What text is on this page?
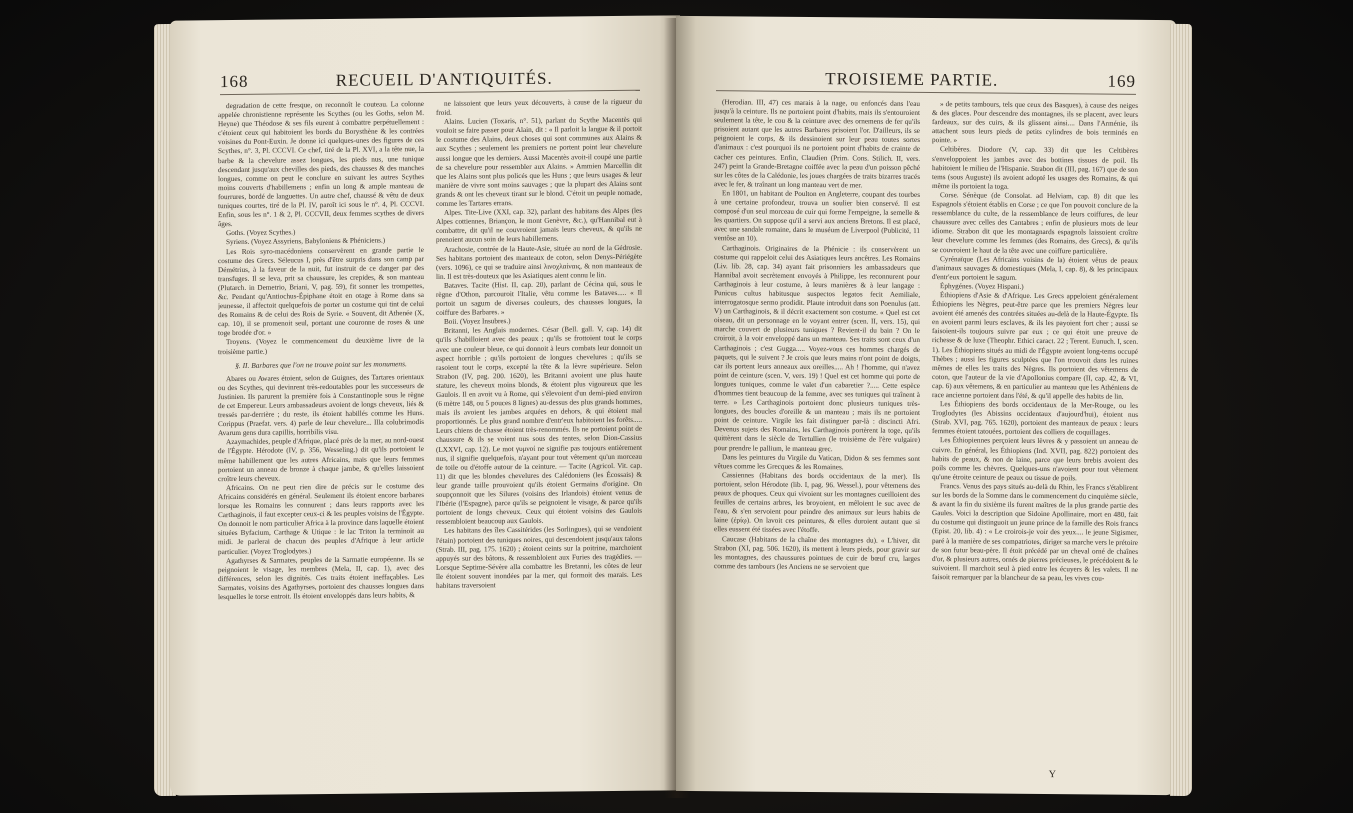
168	RECUEIL D'ANTIQUITÉS.

degradation de cette fresque, on reconnoît le couteau. La colonne appelée chronistienne représente les Scythes (ou les Goths, selon M. Heyne) que Théodose & ses fils eurent à combattre perpétuellement : c'étoient ceux qui habitoient les bords du Borysthène & les contrées voisines du Pont-Euxin. Je donne ici quelques-unes des figures de ces Scythes, n°. 3, Pl. CCCVI. Ce chef, tiré de la Pl. XVI, a la tête nue, la barbe & la chevelure assez longues, les pieds nus, une tunique descendant jusqu'aux chevilles des pieds, des chausses & des manches longues, comme on peut le conclure en suivant les autres Scythes moins couverts d'habillemens ; enfin un long & ample manteau de fourrures, bordé de languettes. Un autre chef, chaussé & vêtu de deux tuniques courtes, tiré de la Pl. IV, paroît ici sous le n°. 4, Pl. CCCVI. Enfin, sous les n°. 1 & 2, Pl. CCCVII, deux femmes scythes de divers âges.

Goths. (Voyez Scythes.)

Syriens. (Voyez Assyriens, Babyloniens & Phéniciens.)

Les Rois syro-macédoniens conservèrent en grande partie le costume des Grecs. Séleucus I, près d'être surpris dans son camp par Démétrius, à la faveur de la nuit, fut instruit de ce danger par des transfuges. Il se leva, prit sa chaussure, les crepides, & son manteau (Plutarch. in Demetrio, Briani, V, pag. 59), fit sonner les trompettes, &c. Pendant qu'Antiochus-Épiphane étoit en otage à Rome dans sa jeunesse, il affectoit quelquefois de porter un costume qui tint de celui des Romains & de celui des Rois de Syrie. « Souvent, dit Athenée (X, cap. 10), il se promenoit seul, portant une couronne de roses & une toge brodée d'or. »

Troyens. (Voyez le commencement du deuxième livre de la troisième partie.)

§. II. Barbares que l'on ne trouve point sur les monumens.

Abares ou Awares étoient, selon de Guignes, des Tartares orientaux ou des Scythes, qui devinrent très-redoutables pour les successeurs de Justinien. Ils parurent la première fois à Constantinople sous le règne de cet Empereur. Leurs ambassadeurs avoient de longs cheveux, liés & tressés par-derrière ; du reste, ils étoient habillés comme les Huns. Corippus (Praefat. vers. 4) parle de leur chevelure... Illa colubrimodis Avarum gens dura capillis, horribilis visu.

Azaymachides, peuple d'Afrique, placé près de la mer, au nord-ouest de l'Égypte. Hérodote (IV, p. 356, Wesseling.) dit qu'ils portoient le même habillement que les autres Africains, mais que leurs femmes portoient un anneau de bronze à chaque jambe, & qu'elles laissoient croître leurs cheveux.

Africains. On ne peut rien dire de précis sur le costume des Africains considérés en général. Seulement ils étoient encore barbares lorsque les Romains les connurent ; dans leurs rapports avec les Carthaginois, il faut excepter ceux-ci & les peuples voisins de l'Égypte. On donnoit le nom particulier Africa à la province dans laquelle étoient situées Byfacium, Carthage & Utique : le lac Triton la terminoit au midi. Je parlerai de chacun des peuples d'Afrique à leur article particulier. (Voyez Troglodytes.)

Agathyrses & Sarmates, peuples de la Sarmatie européenne. Ils se peignoient le visage, les membres (Mela, II, cap. 1), avec des différences, selon les dignités. Ces traits étoient ineffaçables. Les Sarmates, voisins des Agathyrses, portoient des chausses longues dans lesquelles le torse entroit. Ils étoient enveloppés dans leurs habits, &

ne laissoient que leurs yeux découverts, à cause de la rigueur du froid.

Alains. Lucien (Toxaris, n°. 51), parlant du Scythe Macentès qui vouloit se faire passer pour Alain, dit : « Il parloit la langue & il portoit le costume des Alains, deux choses qui sont communes aux Alains & aux Scythes ; seulement les premiers ne portent point leur chevelure aussi longue que les derniers. Aussi Macentès avoit-il coupé une partie de sa chevelure pour ressembler aux Alains. » Ammien Marcellin dit que les Alains sont plus policés que les Huns ; que leurs usages & leur manière de vivre sont moins sauvages ; que la plupart des Alains sont grands & ont les cheveux tirant sur le blond. C'étoit un peuple nomade, comme les Tartares errans.

Alpes. Tite-Live (XXI, cap. 32), parlant des habitans des Alpes (les Alpes cottiennes, Briançon, le mont Genèvre, &c.), qu'Hannibal eut à combattre, dit qu'il ne couvroient jamais leurs cheveux, & qu'ils ne prenoient aucun soin de leurs habillemens.

Arachosie, contrée de la Haute-Asie, située au nord de la Gédrosie. Ses habitans portoient des manteaux de coton, selon Denys-Périégète (vers. 1096), ce qui se traduire ainsi λινοχλαίναις, & non manteaux de lin. Il est très-douteux que les Asiatiques aient connu le lin.

Bataves. Tacite (Hist. II, cap. 20), parlant de Cécina qui, sous le règne d'Othon, parcouroit l'Italie, vêtu comme les Bataves..... « Il portoit un sagum de diverses couleurs, des chausses longues, la coiffure des Barbares. »

Boii. (Voyez Insubres.)

Britanni, les Anglais modernes. César (Bell. gall. V, cap. 14) dit qu'ils s'habilloient avec des peaux ; qu'ils se frottoient tout le corps avec une couleur bleue, ce qui donnoit à leurs combats leur donnoit un aspect horrible ; qu'ils portoient de longues chevelures ; qu'ils se rasoient tout le corps, excepté la tête & la lèvre supérieure. Selon Strabon (IV, pag. 200. 1620), les Britanni avoient une plus haute stature, les cheveux moins blonds, & étoient plus vigoureux que les Gaulois. Il en avoit vu à Rome, qui s'élevoient d'un demi-pied environ (6 mètre 148, ou 5 pouces 8 lignes) au-dessus des plus grands hommes, mais ils avoient les jambes arquées en dehors, & qui étoient mal proportionnés. Le plus grand nombre d'entr'eux habitoient les forêts..... Leurs chiens de chasse étoient très-renommés. Ils ne portoient point de chaussure & ils se voient nus sous des tentes, selon Dion-Cassius (LXXVI, cap. 12). Le mot γυμνοί ne signifie pas toujours entièrement nus, il signifie quelquefois, n'ayant pour tout vêtement qu'un morceau de toile ou d'étoffe autour de la ceinture. — Tacite (Agricol. Vit. cap. 11) dit que les blondes chevelures des Calédoniens (les Écossais) & leur grande taille prouvoient qu'ils étoient Germains d'origine. On soupçonnoit que les Silures (voisins des Irlandois) étoient venus de l'Ibérie (l'Espagne), parce qu'ils se peignoient le visage, & parce qu'ils portoient de longs cheveux. Ceux qui étoient voisins des Gaulois ressembloient beaucoup aux Gaulois.

Les habitans des îles Cassitérides (les Sorlingues), qui se vendoient l'étain) portoient des tuniques noires, qui descendoient jusqu'aux talons (Strab. III, pag. 175. 1620) ; étoient ceints sur la poitrine, marchoient appuyés sur des bâtons, & ressembloient aux Furies des tragédies. — Lorsque Septime-Sévère alla combattre les Bretanni, les côtes de leur île étoient souvent inondées par la mer, qui formoit des marais. Les habitans traversoient

TROISIEME PARTIE.	169

(Herodian. III, 47) ces marais à la nage, ou enfoncés dans l'eau jusqu'à la ceinture. Ils ne portoient point d'habits, mais ils s'entouroient seulement la tête, le cou & la ceinture avec des ornemens de fer qu'ils prisoient autant que les autres Barbares prisoient l'or. D'ailleurs, ils se peignoient le corps, & ils dessinoient sur leur peau toutes sortes d'animaux : c'est pourquoi ils ne portoient point d'habits de crainte de cacher ces peintures. Enfin, Claudien (Prim. Cons. Stilich. II, vers. 247) peint la Grande-Bretagne coiffée avec la peau d'un poisson pêché sur les côtes de la Calédonie, les joues chargées de traits bizarres tracés avec le fer, & traînant un long manteau vert de mer.

En 1801, un habitant de Poulton en Angleterre, coupant des tourbes à une certaine profondeur, trouva un soulier bien conservé. Il est composé d'un seul morceau de cuir qui forme l'empeigne, la semelle & les quartiers. On suppose qu'il a servi aux anciens Bretons. Il est placé, avec une sandale romaine, dans le muséum de Liverpool (Publicité, 11 ventôse an 10).

Carthaginois. Originaires de la Phénicie : ils conservèrent un costume qui rappeloit celui des Asiatiques leurs ancêtres. Les Romains (Liv. lib. 28, cap. 34) ayant fait prisonniers les ambassadeurs que Hannibal avoit secrètement envoyés à Philippe, les reconnurent pour Carthaginois à leur costume, à leurs manières & à leur langage : Punicus cultus habitusque suspectos legatos fecit Aemiliale, interrogatosque sermo prodidit. Plaute introduit dans son Poenulus (att. V) un Carthaginois, & il décrit exactement son costume. « Quel est cet oiseau, dit un personnage en le voyant entrer (scen. II, vers. 15), qui marche couvert de plusieurs tuniques ? Revient-il du bain ? On le croiroit, à la voir enveloppé dans un manteau. Ses traits sont ceux d'un Carthaginois ; c'est Gugga..... Voyez-vous ces hommes chargés de paquets, qui le suivent ? Je crois que leurs mains n'ont point de doigts, car ils portent leurs anneaux aux oreilles..... Ah ! l'homme, qui n'avez point de ceinture (scen. V, vers. 19) ! Quel est cet homme qui porte de longues tuniques, comme le valet d'un cabaretier ?..... Cette espèce d'hommes tient beaucoup de la femme, avec ses tuniques qui traînent à terre. » Les Carthaginois portoient donc plusieurs tuniques très-longues, des boucles d'oreille & un manteau ; mais ils ne portoient point de ceinture. Virgile les fait distinguer par-là : discincti Afri. Devenus sujets des Romains, les Carthaginois portèrent la toge, qu'ils quittèrent dans le siècle de Tertullien (le troisième de l'ère vulgaire) pour prendre le pallium, le manteau grec.

Dans les peintures du Virgile du Vatican, Didon & ses femmes sont vêtues comme les Grecques & les Romaines.

Cassiennes (Habitans des bords occidentaux de la mer). Ils portoient, selon Hérodote (lib. I, pag. 96. Wessel.), pour vêtemens des peaux de phoques. Ceux qui vivoient sur les montagnes cueilloient des feuilles de certains arbres, les broyoient, en mêloient le suc avec de l'eau, & s'en servoient pour peindre des animaux sur leurs habits de laine (ἐρίῳ). On lavoit ces peintures, & elles duroient autant que si elles eussent été tissées avec l'étoffe.

Caucase (Habitans de la chaîne des montagnes du). « L'hiver, dit Strabon (XI, pag. 506. 1620), ils mettent à leurs pieds, pour gravir sur les montagnes, des chaussures pointues de cuir de bœuf cru, larges comme des tambours (les Anciens ne se servoient que

» de petits tambours, tels que ceux des Basques), à cause des neiges & des glaces. Pour descendre des montagnes, ils se placent, avec leurs fardeaux, sur des cuirs, & ils glissent ainsi.... Dans l'Arménie, ils attachent sous leurs pieds de petits cylindres de bois terminés en pointe. »

Celtibères. Diodore (V, cap. 33) dit que les Celtibères s'enveloppoient les jambes avec des bottines tissues de poil. Ils habitoient le milieu de l'Hispanie. Strabon dit (III, pag. 167) que de son tems (sous Auguste) ils avoient adopté les usages des Romains, & qui même ils portoient la toga.

Corse. Sénèque (de Consolat. ad Helviam, cap. 8) dit que les Espagnols s'étoient établis en Corse ; ce que l'on pouvoit conclure de la ressemblance du culte, de la ressemblance de leurs coiffures, de leur chaussure avec celles des Cantabres ; enfin de plusieurs mots de leur idiome. Strabon dit que les montagnards espagnols laissoient croître leur chevelure comme les femmes (des Romains, des Grecs), & qu'ils se couvroient le haut de la tête avec une coiffure particulière.

Cyrénaïque (Les Africains voisins de la) étoient vêtus de peaux d'animaux sauvages & domestiques (Mela, I, cap. 8), & les principaux d'entr'eux portoient le sagum.

Éphygénes. (Voyez Hispani.)

Éthiopiens d'Asie & d'Afrique. Les Grecs appeloient généralement Éthiopiens les Nègres, peut-être parce que les premiers Nègres leur avoient été amenés des contrées situées au-delà de la Haute-Égypte. Ils en avoient parmi leurs esclaves, & ils les payoient fort cher ; aussi se faisoient-ils toujours suivre par eux ; ce qui étoit une preuve de richesse & de luxe (Theophr. Ethici caract. 22 ; Terent. Eunuch. I, scen. 1). Les Éthiopiens situés au midi de l'Égypte avoient long-tems occupé Thèbes ; aussi les figures sculptées que l'on trouvoit dans les ruines mêmes de elles les traits des Nègres. Ils portoient des vêtemens de coton, que l'auteur de la vie d'Apollonius compare (II, cap. 42, & VI, cap. 6) aux vêtemens, & en particulier au manteau que les Athéniens de race ancienne portoient dans l'été, & qu'il appelle des habits de lin.

Les Éthiopiens des bords occidentaux de la Mer-Rouge, ou les Troglodytes (les Abissins occidentaux d'aujourd'hui), étoient nus (Strab. XVI, pag. 765. 1620), portoient des manteaux de peaux : leurs femmes étoient tatouées, portoient des colliers de coquillages.

Les Éthiopiennes perçoient leurs lèvres & y passoient un anneau de cuivre. En général, les Éthiopiens (Ind. XVII, pag. 822) portoient des habits de peaux, & non de laine, parce que leurs brebis avoient des poils comme les chèvres. Quelques-uns n'avoient pour tout vêtement qu'une étroite ceinture de peaux ou tissue de poils.

Francs. Venus des pays situés au-delà du Rhin, les Francs s'établirent sur les bords de la Somme dans le commencement du cinquième siècle, & avant la fin du sixième ils furent maîtres de la plus grande partie des Gaules. Voici la description que Sidoine Apollinaire, mort en 480, fait du costume qui distinguoit un jeune prince de la famille des Rois francs (Epist. 20, lib. 4) : « Le croirois-je voir des yeux.... le jeune Sigismer, paré à la manière de ses compatriotes, diriger sa marche vers le prétoire de son futur beau-père. Il étoit précédé par un cheval orné de chaînes d'or, & plusieurs autres, ornés de pierres précieuses, le précédoient & le suivoient. Il marchoit seul à pied entre les écuyers & les valets. Il ne faisoit remarquer par la blancheur de sa peau, les vives cou-

Y
